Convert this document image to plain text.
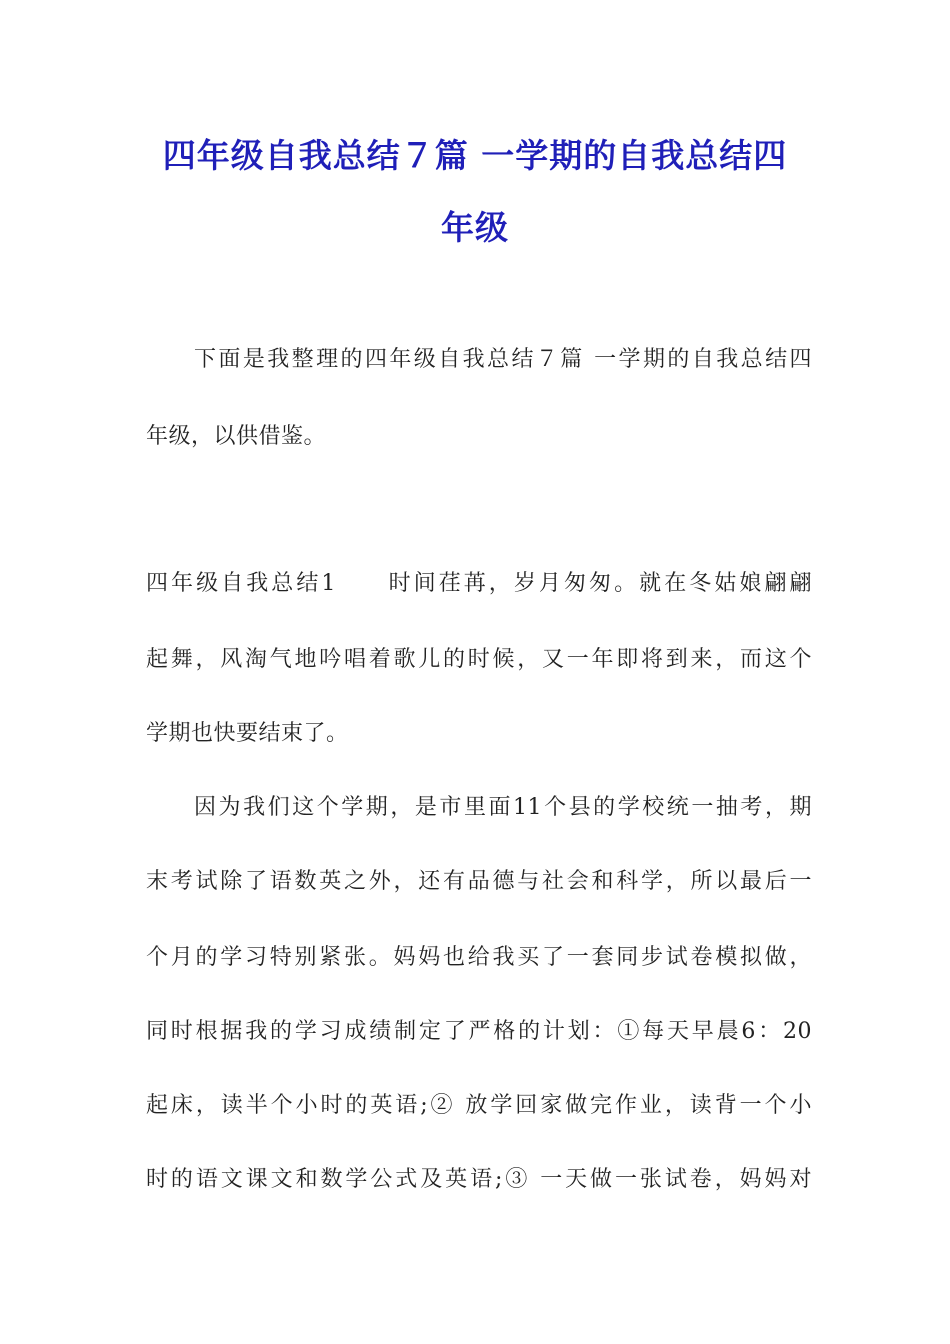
四年级自我总结７篇 一学期的自我总结四
年级
下面是我整理的四年级自我总结７篇 一学期的自我总结四
年级，以供借鉴。
四年级自我总结1　　时间荏苒，岁月匆匆。就在冬姑娘翩翩
起舞，风淘气地吟唱着歌儿的时候，又一年即将到来，而这个
学期也快要结束了。
因为我们这个学期，是市里面11个县的学校统一抽考，期
末考试除了语数英之外，还有品德与社会和科学，所以最后一
个月的学习特别紧张。妈妈也给我买了一套同步试卷模拟做，
同时根据我的学习成绩制定了严格的计划：①每天早晨6：20
起床，读半个小时的英语;② 放学回家做完作业，读背一个小
时的语文课文和数学公式及英语;③ 一天做一张试卷，妈妈对
